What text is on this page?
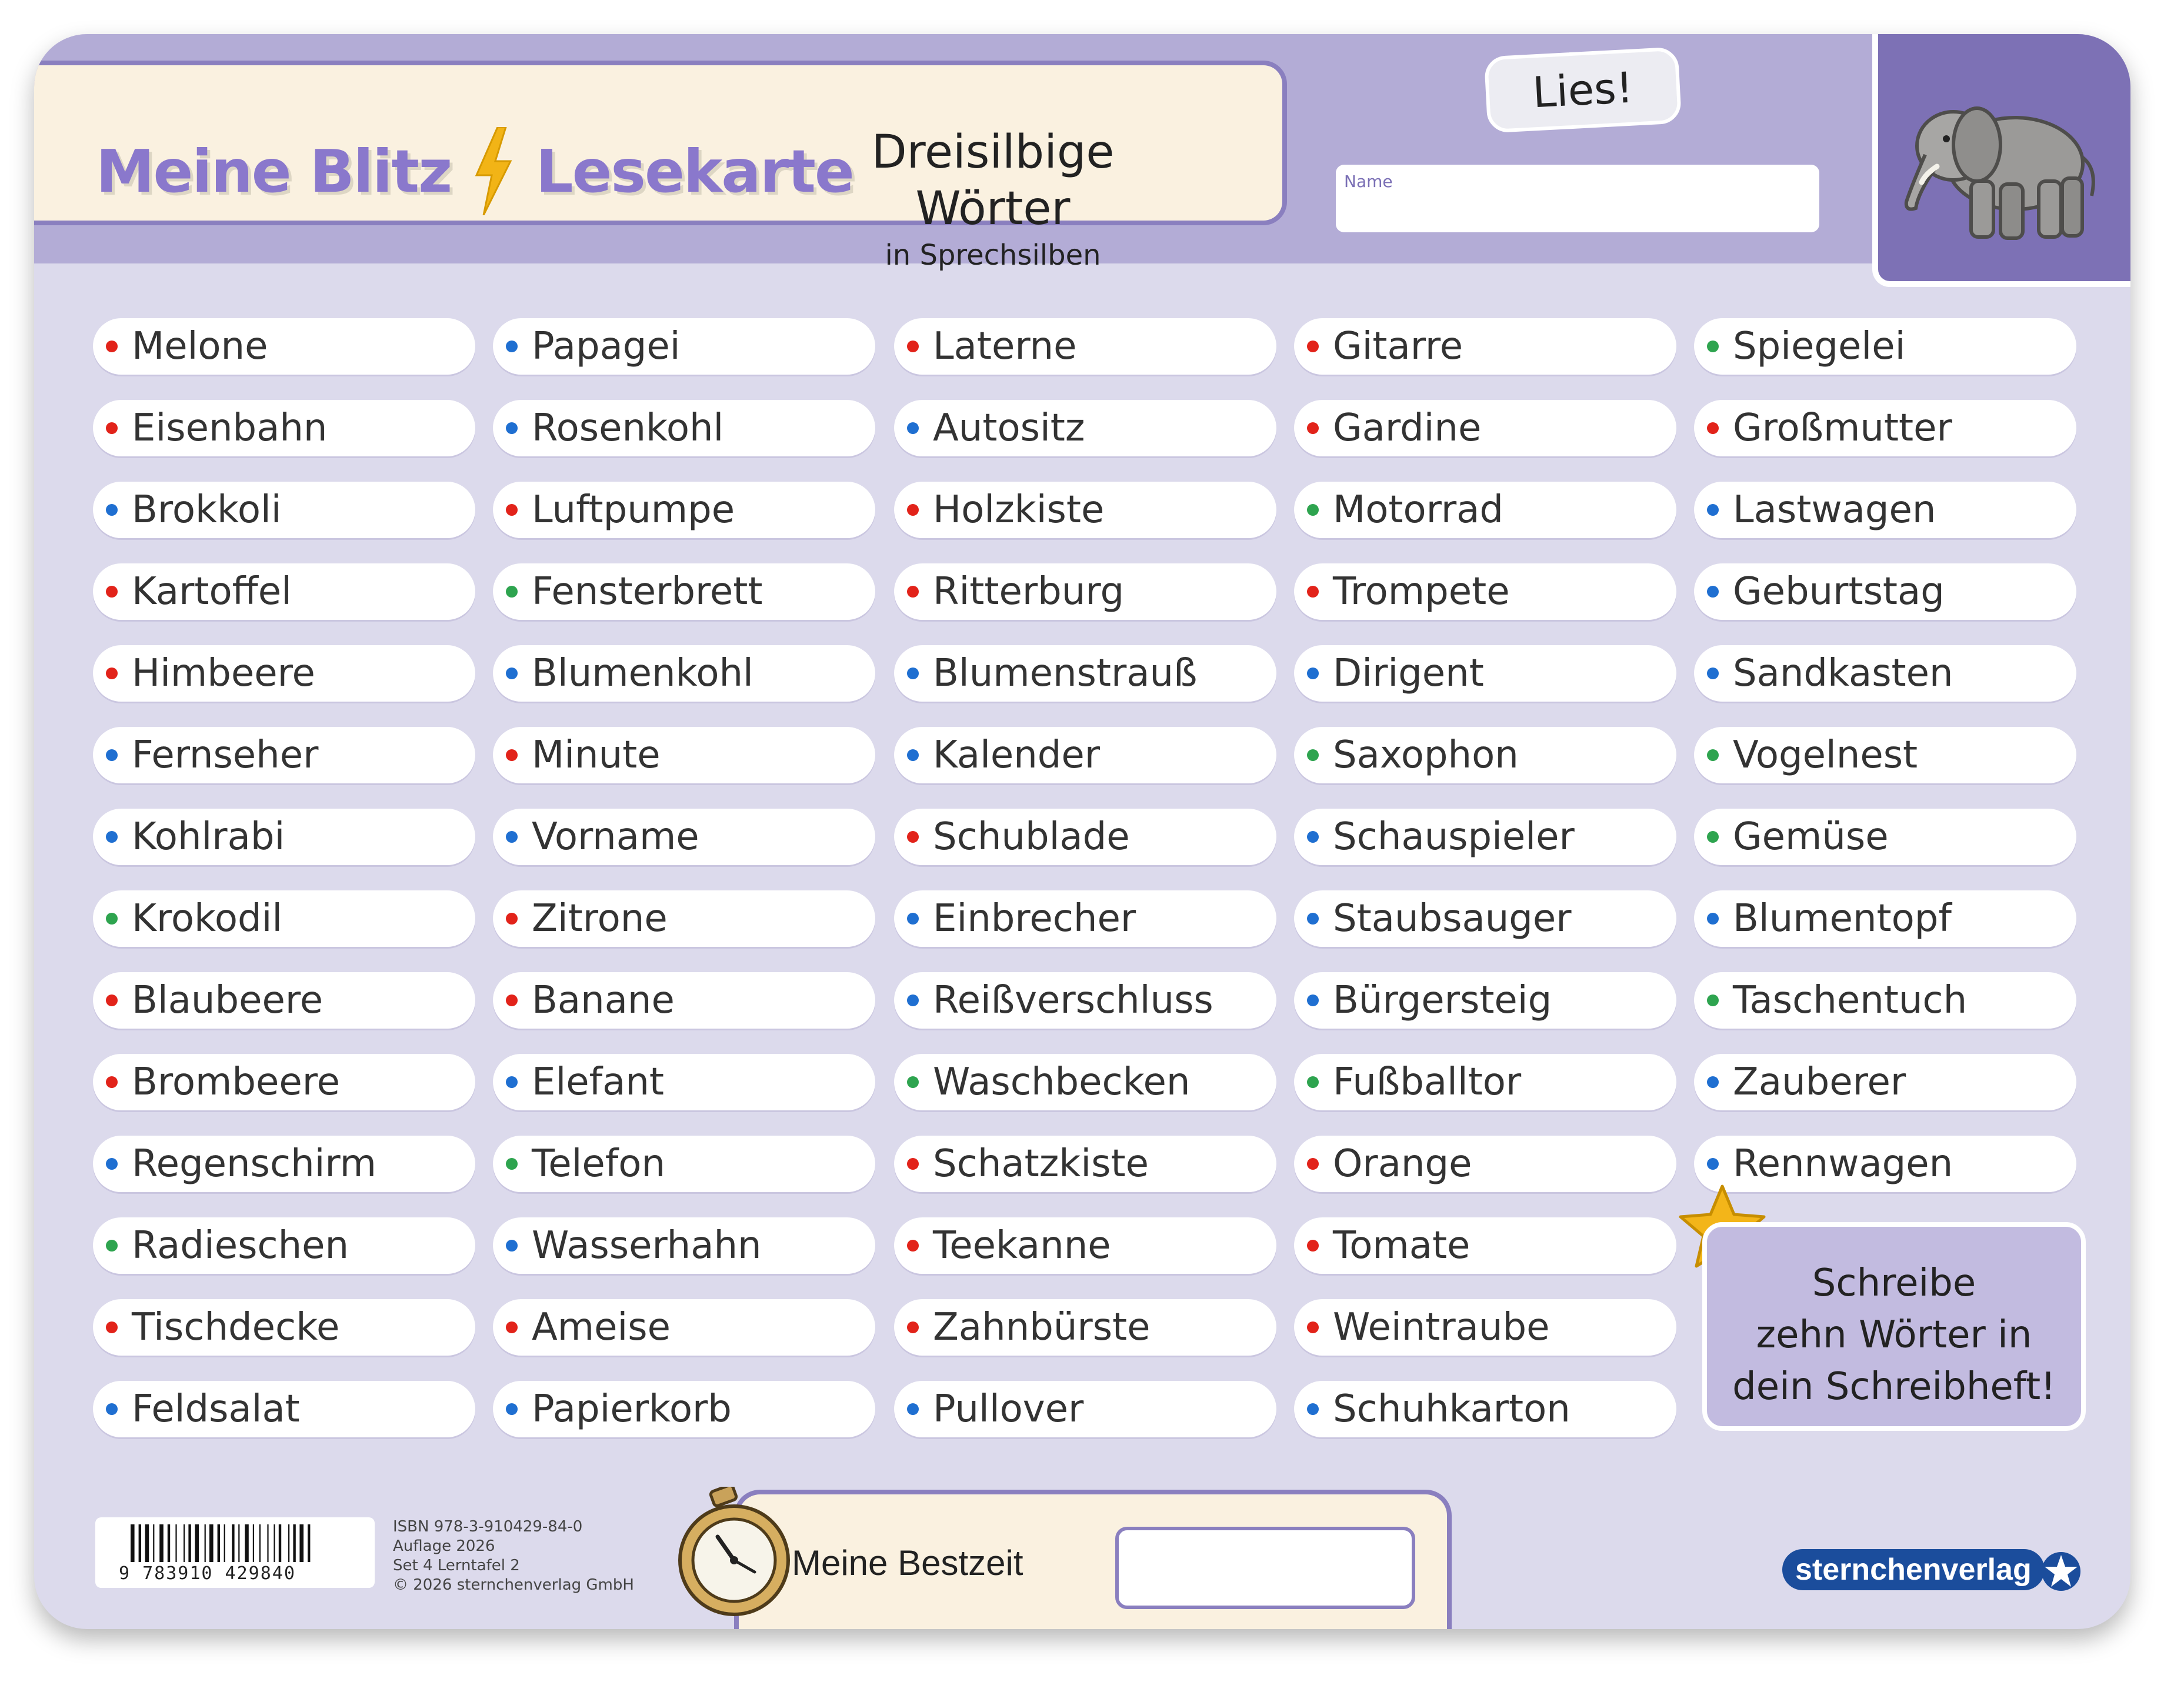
Meine Blitz Lesekarte Dreisilbige Wörter
in Sprechsilben
Lies!
Name
Melone
Eisenbahn
Brokkoli
Kartoffel
Himbeere
Fernseher
Kohlrabi
Krokodil
Blaubeere
Brombeere
Regenschirm
Radieschen
Tischdecke
Feldsalat
Papagei
Rosenkohl
Luftpumpe
Fensterbrett
Blumenkohl
Minute
Vorname
Zitrone
Banane
Elefant
Telefon
Wasserhahn
Ameise
Papierkorb
Laterne
Autositz
Holzkiste
Ritterburg
Blumenstrauß
Kalender
Schublade
Einbrecher
Reißverschluss
Waschbecken
Schatzkiste
Teekanne
Zahnbürste
Pullover
Gitarre
Gardine
Motorrad
Trompete
Dirigent
Saxophon
Schauspieler
Staubsauger
Bürgersteig
Fußballtor
Orange
Tomate
Weintraube
Schuhkarton
Spiegelei
Großmutter
Lastwagen
Geburtstag
Sandkasten
Vogelnest
Gemüse
Blumentopf
Taschentuch
Zauberer
Rennwagen
Schreibe
zehn Wörter in
dein Schreibheft!
9 783910 429840
ISBN 978-3-910429-84-0
Auflage 2026
Set 4 Lerntafel 2
© 2026 sternchenverlag GmbH
Meine Bestzeit	sternchenverlag
